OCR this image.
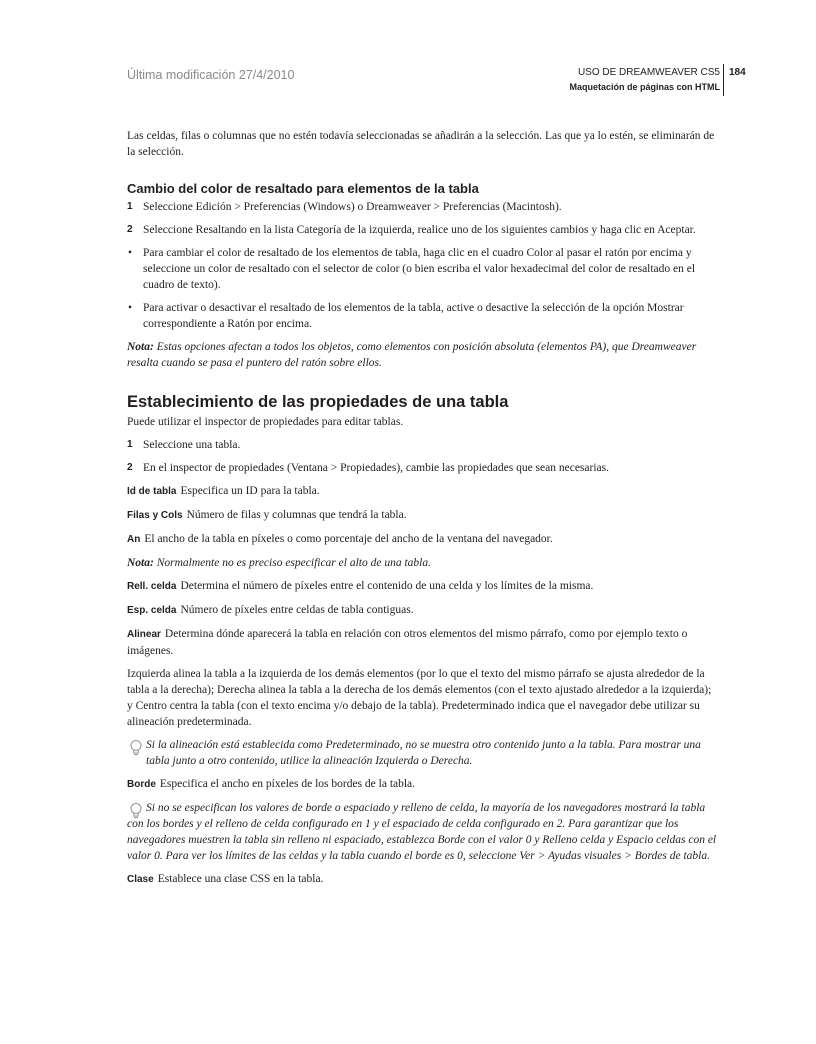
Última modificación 27/4/2010	USO DE DREAMWEAVER CS5
Maquetación de páginas con HTML
184

Las celdas, filas o columnas que no estén todavía seleccionadas se añadirán a la selección. Las que ya lo estén, se eliminarán de la selección.

Cambio del color de resaltado para elementos de la tabla
1 Seleccione Edición > Preferencias (Windows) o Dreamweaver > Preferencias (Macintosh).
2 Seleccione Resaltando en la lista Categoría de la izquierda, realice uno de los siguientes cambios y haga clic en Aceptar.
• Para cambiar el color de resaltado de los elementos de tabla, haga clic en el cuadro Color al pasar el ratón por encima y seleccione un color de resaltado con el selector de color (o bien escriba el valor hexadecimal del color de resaltado en el cuadro de texto).
• Para activar o desactivar el resaltado de los elementos de la tabla, active o desactive la selección de la opción Mostrar correspondiente a Ratón por encima.

Nota: Estas opciones afectan a todos los objetos, como elementos con posición absoluta (elementos PA), que Dreamweaver resalta cuando se pasa el puntero del ratón sobre ellos.

Establecimiento de las propiedades de una tabla

Puede utilizar el inspector de propiedades para editar tablas.

1 Seleccione una tabla.
2 En el inspector de propiedades (Ventana > Propiedades), cambie las propiedades que sean necesarias.

Id de tabla Especifica un ID para la tabla.

Filas y Cols Número de filas y columnas que tendrá la tabla.

An El ancho de la tabla en píxeles o como porcentaje del ancho de la ventana del navegador.

Nota: Normalmente no es preciso especificar el alto de una tabla.

Rell. celda Determina el número de píxeles entre el contenido de una celda y los límites de la misma.

Esp. celda Número de píxeles entre celdas de tabla contiguas.

Alinear Determina dónde aparecerá la tabla en relación con otros elementos del mismo párrafo, como por ejemplo texto o imágenes.

Izquierda alinea la tabla a la izquierda de los demás elementos (por lo que el texto del mismo párrafo se ajusta alrededor de la tabla a la derecha); Derecha alinea la tabla a la derecha de los demás elementos (con el texto ajustado alrededor a la izquierda); y Centro centra la tabla (con el texto encima y/o debajo de la tabla). Predeterminado indica que el navegador debe utilizar su alineación predeterminada.

Si la alineación está establecida como Predeterminado, no se muestra otro contenido junto a la tabla. Para mostrar una tabla junto a otro contenido, utilice la alineación Izquierda o Derecha.

Borde Especifica el ancho en píxeles de los bordes de la tabla.

Si no se especifican los valores de borde o espaciado y relleno de celda, la mayoría de los navegadores mostrará la tabla con los bordes y el relleno de celda configurado en 1 y el espaciado de celda configurado en 2. Para garantizar que los navegadores muestren la tabla sin relleno ni espaciado, establezca Borde con el valor 0 y Relleno celda y Espacio celdas con el valor 0. Para ver los límites de las celdas y la tabla cuando el borde es 0, seleccione Ver > Ayudas visuales > Bordes de tabla.

Clase Establece una clase CSS en la tabla.
